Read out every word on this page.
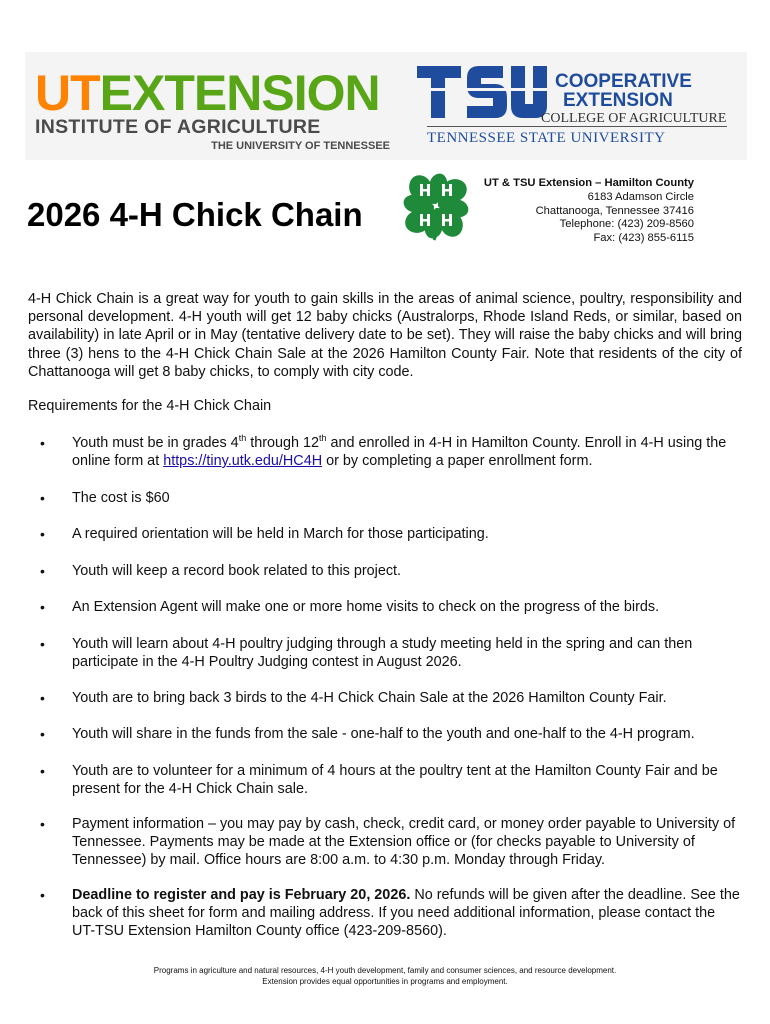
UTEXTENSION
INSTITUTE OF AGRICULTURE
THE UNIVERSITY OF TENNESSEE
COOPERATIVE
EXTENSION
COLLEGE OF AGRICULTURE
TENNESSEE STATE UNIVERSITY
2026 4-H Chick Chain
UT & TSU Extension – Hamilton County
6183 Adamson Circle
Chattanooga, Tennessee 37416
Telephone: (423) 209-8560
Fax: (423) 855-6115

4-H Chick Chain is a great way for youth to gain skills in the areas of animal science, poultry, responsibility and personal development. 4-H youth will get 12 baby chicks (Australorps, Rhode Island Reds, or similar, based on availability) in late April or in May (tentative delivery date to be set). They will raise the baby chicks and will bring three (3) hens to the 4-H Chick Chain Sale at the 2026 Hamilton County Fair. Note that residents of the city of Chattanooga will get 8 baby chicks, to comply with city code.

Requirements for the 4-H Chick Chain
•	Youth must be in grades 4th through 12th and enrolled in 4-H in Hamilton County. Enroll in 4-H using the online form at https://tiny.utk.edu/HC4H or by completing a paper enrollment form.
•	The cost is $60
•	A required orientation will be held in March for those participating.
•	Youth will keep a record book related to this project.
•	An Extension Agent will make one or more home visits to check on the progress of the birds.
•	Youth will learn about 4-H poultry judging through a study meeting held in the spring and can then participate in the 4-H Poultry Judging contest in August 2026.
•	Youth are to bring back 3 birds to the 4-H Chick Chain Sale at the 2026 Hamilton County Fair.
•	Youth will share in the funds from the sale - one-half to the youth and one-half to the 4-H program.
•	Youth are to volunteer for a minimum of 4 hours at the poultry tent at the Hamilton County Fair and be present for the 4-H Chick Chain sale.
•	Payment information – you may pay by cash, check, credit card, or money order payable to University of Tennessee. Payments may be made at the Extension office or (for checks payable to University of Tennessee) by mail. Office hours are 8:00 a.m. to 4:30 p.m. Monday through Friday.
•	Deadline to register and pay is February 20, 2026. No refunds will be given after the deadline. See the back of this sheet for form and mailing address. If you need additional information, please contact the UT-TSU Extension Hamilton County office (423-209-8560).
Programs in agriculture and natural resources, 4-H youth development, family and consumer sciences, and resource development.
Extension provides equal opportunities in programs and employment.
